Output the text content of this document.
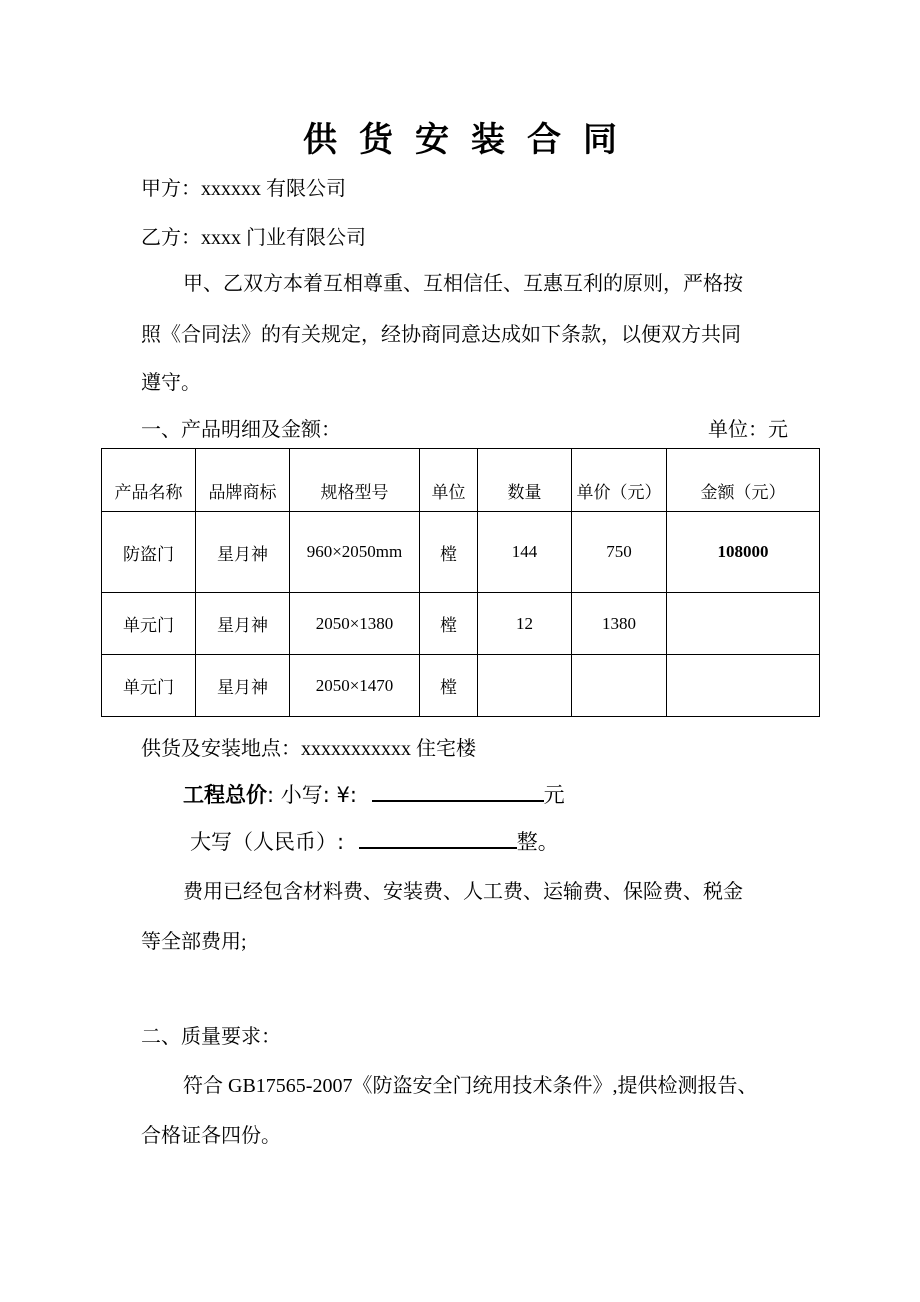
供货安装合同
甲方：xxxxxx 有限公司
乙方：xxxx 门业有限公司
甲、乙双方本着互相尊重、互相信任、互惠互利的原则，严格按
照《合同法》的有关规定，经协商同意达成如下条款，以便双方共同
遵守。
一、产品明细及金额：	单位：元
产品名称	品牌商标	规格型号	单位	数量	单价（元）	金额（元）
防盗门	星月神	960×2050mm	樘	144	750	108000
单元门	星月神	2050×1380	樘	12	1380	
单元门	星月神	2050×1470	樘			
供货及安装地点：xxxxxxxxxxx 住宅楼
工程总价: 小写: ¥:	元
大写（人民币）:	整。
费用已经包含材料费、安装费、人工费、运输费、保险费、税金
等全部费用;
二、质量要求：
符合 GB17565-2007《防盗安全门统用技术条件》,提供检测报告、
合格证各四份。
